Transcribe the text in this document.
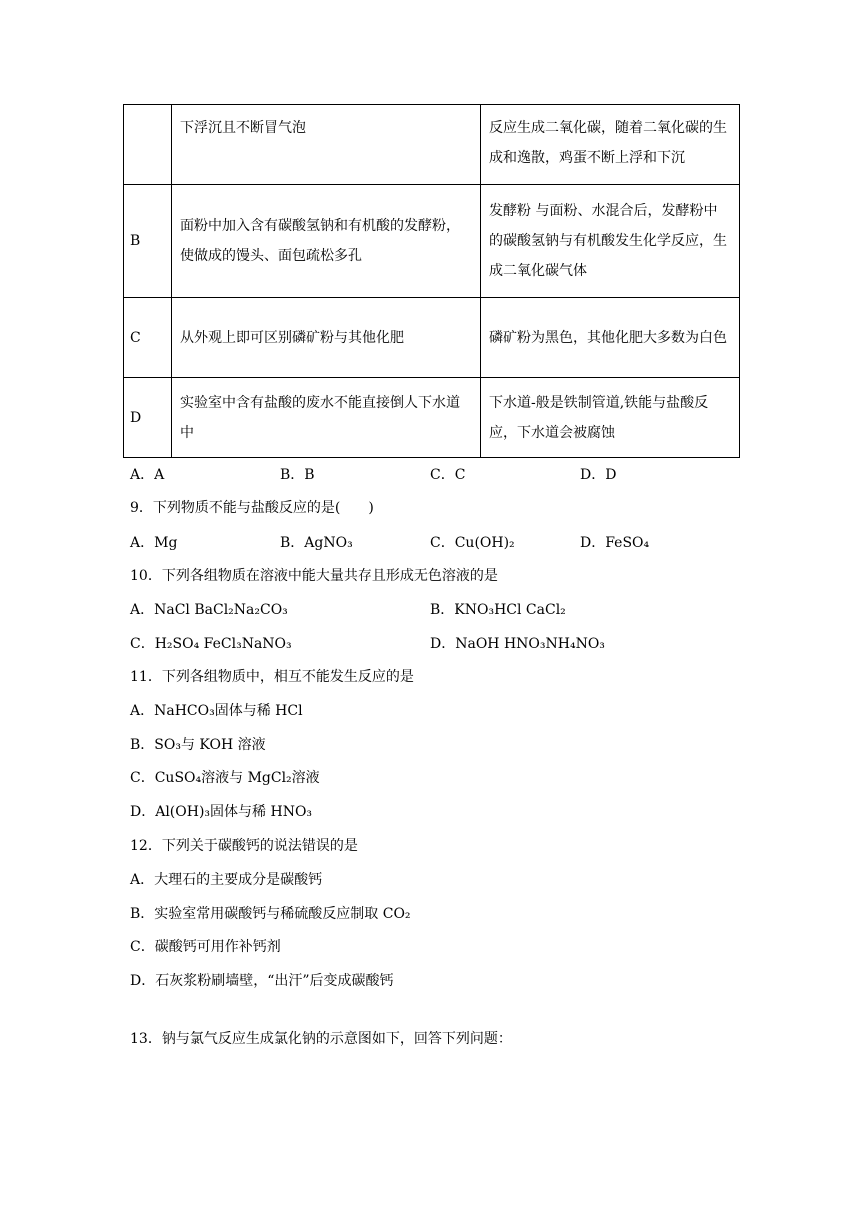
	下浮沉且不断冒气泡	反应生成二氧化碳，随着二氧化碳的生成和逸散，鸡蛋不断上浮和下沉
B	面粉中加入含有碳酸氢钠和有机酸的发酵粉，使做成的馒头、面包疏松多孔	发酵粉 与面粉、水混合后，发酵粉中的碳酸氢钠与有机酸发生化学反应，生成二氧化碳气体
C	从外观上即可区别磷矿粉与其他化肥	磷矿粉为黑色，其他化肥大多数为白色
D	实验室中含有盐酸的废水不能直接倒人下水道中	下水道-般是铁制管道,铁能与盐酸反应，下水道会被腐蚀
A．A	B．B	C．C	D．D
9．下列物质不能与盐酸反应的是(　　)
A．Mg	B．AgNO₃	C．Cu(OH)₂	D．FeSO₄
10．下列各组物质在溶液中能大量共存且形成无色溶液的是
A．NaCl BaCl₂Na₂CO₃	B．KNO₃HCl CaCl₂
C．H₂SO₄ FeCl₃NaNO₃	D．NaOH HNO₃NH₄NO₃
11．下列各组物质中，相互不能发生反应的是
A．NaHCO₃固体与稀 HCl
B．SO₃与 KOH 溶液
C．CuSO₄溶液与 MgCl₂溶液
D．Al(OH)₃固体与稀 HNO₃
12．下列关于碳酸钙的说法错误的是
A．大理石的主要成分是碳酸钙
B．实验室常用碳酸钙与稀硫酸反应制取 CO₂
C．碳酸钙可用作补钙剂
D．石灰浆粉刷墙壁，“出汗”后变成碳酸钙
13．钠与氯气反应生成氯化钠的示意图如下，回答下列问题：
